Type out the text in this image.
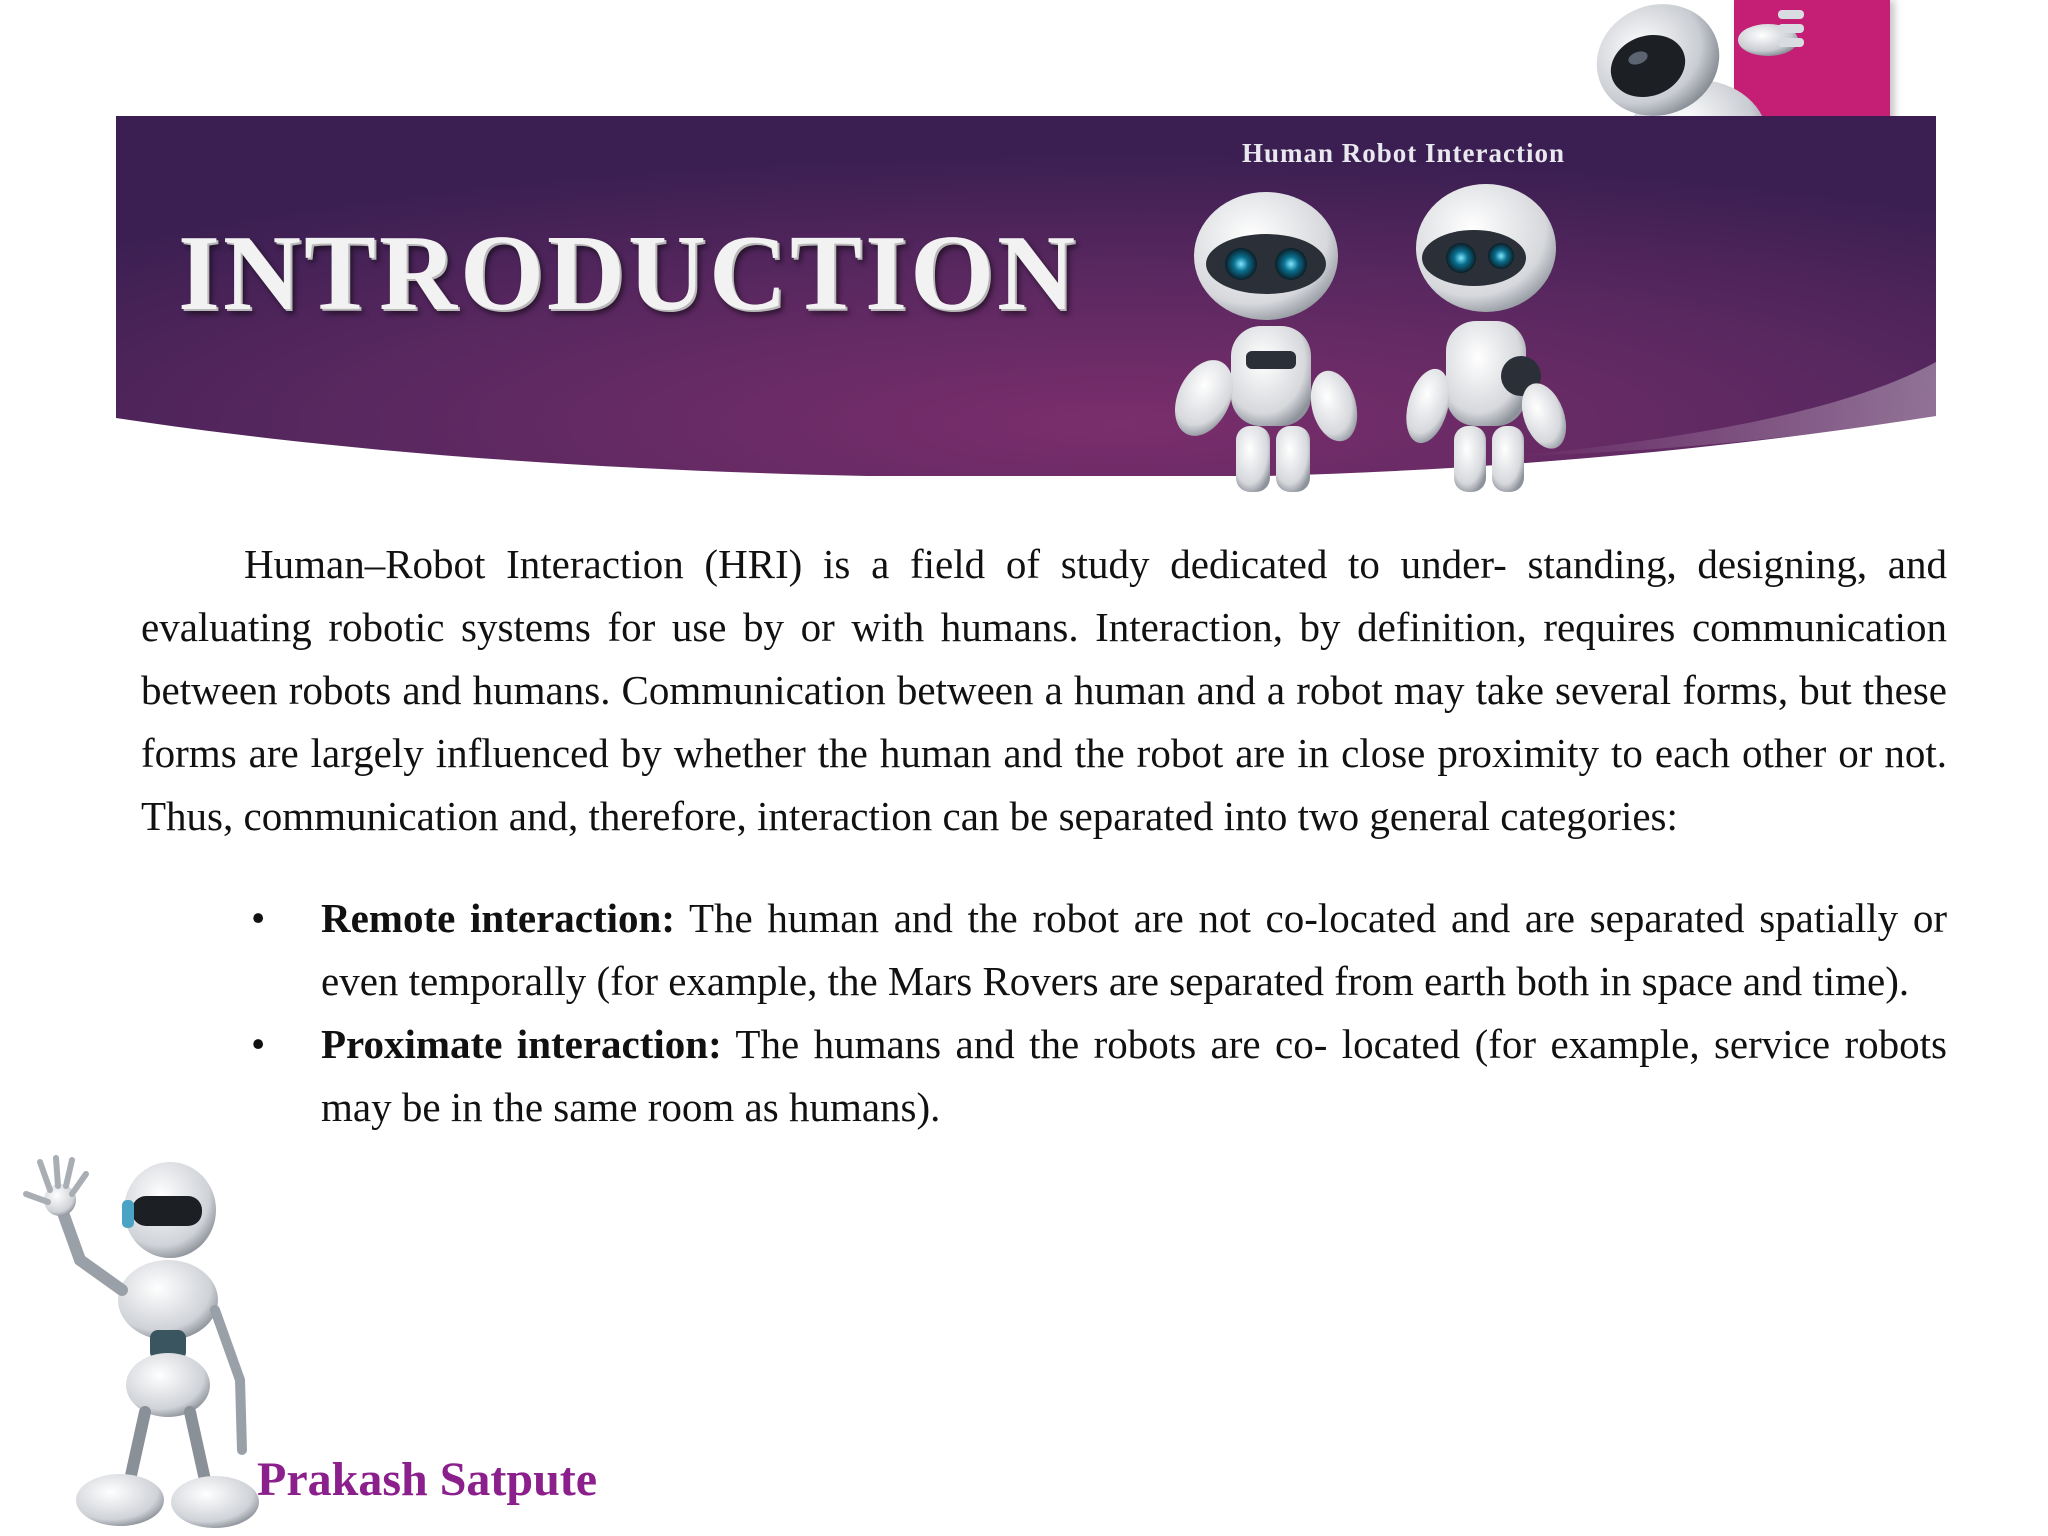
Human Robot Interaction
INTRODUCTION

Human–Robot Interaction (HRI) is a field of study dedicated to under- standing, designing, and evaluating robotic systems for use by or with humans. Interaction, by definition, requires communication between robots and humans. Communication between a human and a robot may take several forms, but these forms are largely influenced by whether the human and the robot are in close proximity to each other or not. Thus, communication and, therefore, interaction can be separated into two general categories:

• Remote interaction: The human and the robot are not co-located and are separated spatially or even temporally (for example, the Mars Rovers are separated from earth both in space and time).
• Proximate interaction: The humans and the robots are co- located (for example, service robots may be in the same room as humans).
Prakash Satpute
